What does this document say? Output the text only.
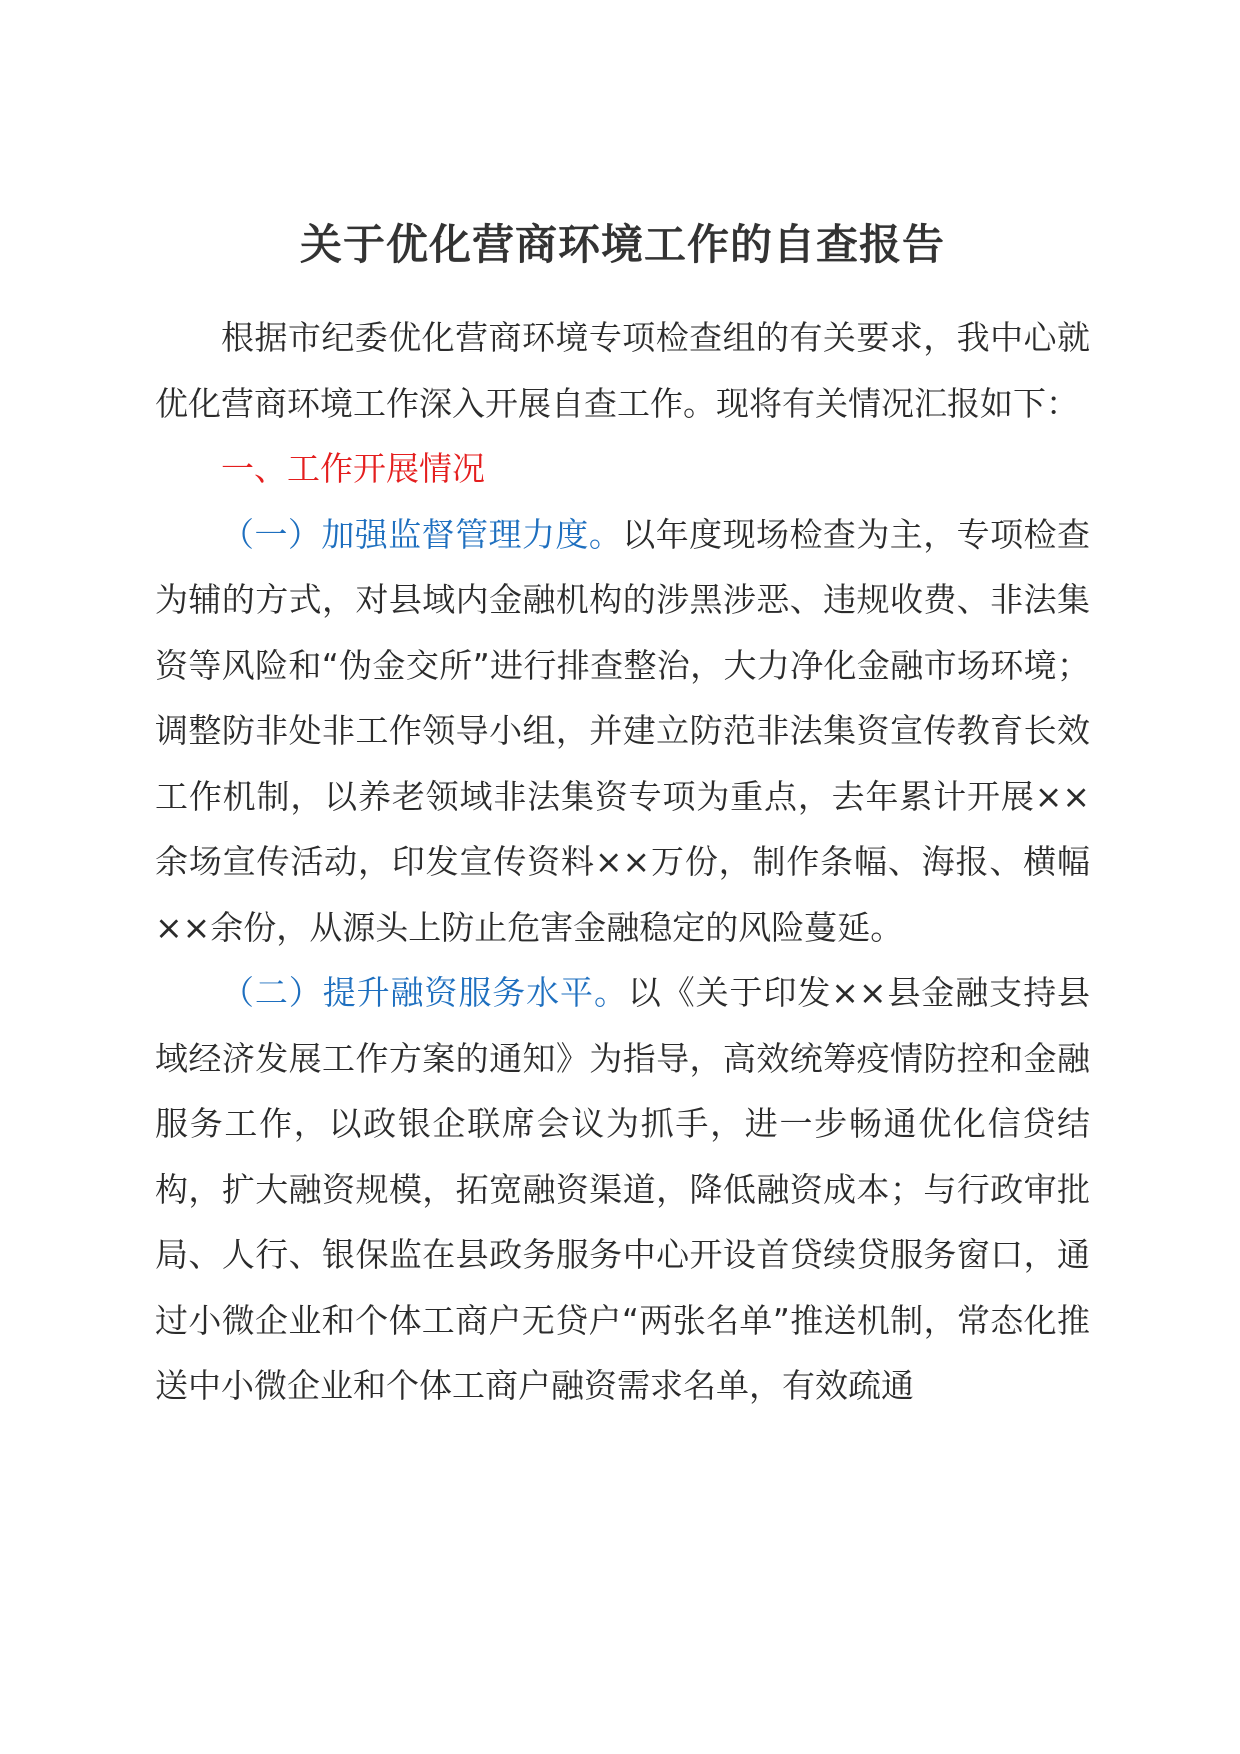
关于优化营商环境工作的自查报告

根据市纪委优化营商环境专项检查组的有关要求，我中心就优化营商环境工作深入开展自查工作。现将有关情况汇报如下：

一、工作开展情况

（一）加强监督管理力度。以年度现场检查为主，专项检查为辅的方式，对县域内金融机构的涉黑涉恶、违规收费、非法集资等风险和“伪金交所”进行排查整治，大力净化金融市场环境；调整防非处非工作领导小组，并建立防范非法集资宣传教育长效工作机制，以养老领域非法集资专项为重点，去年累计开展××余场宣传活动，印发宣传资料××万份，制作条幅、海报、横幅××余份，从源头上防止危害金融稳定的风险蔓延。

（二）提升融资服务水平。以《关于印发××县金融支持县域经济发展工作方案的通知》为指导，高效统筹疫情防控和金融服务工作，以政银企联席会议为抓手，进一步畅通优化信贷结构，扩大融资规模，拓宽融资渠道，降低融资成本；与行政审批局、人行、银保监在县政务服务中心开设首贷续贷服务窗口，通过小微企业和个体工商户无贷户“两张名单”推送机制，常态化推送中小微企业和个体工商户融资需求名单，有效疏通
